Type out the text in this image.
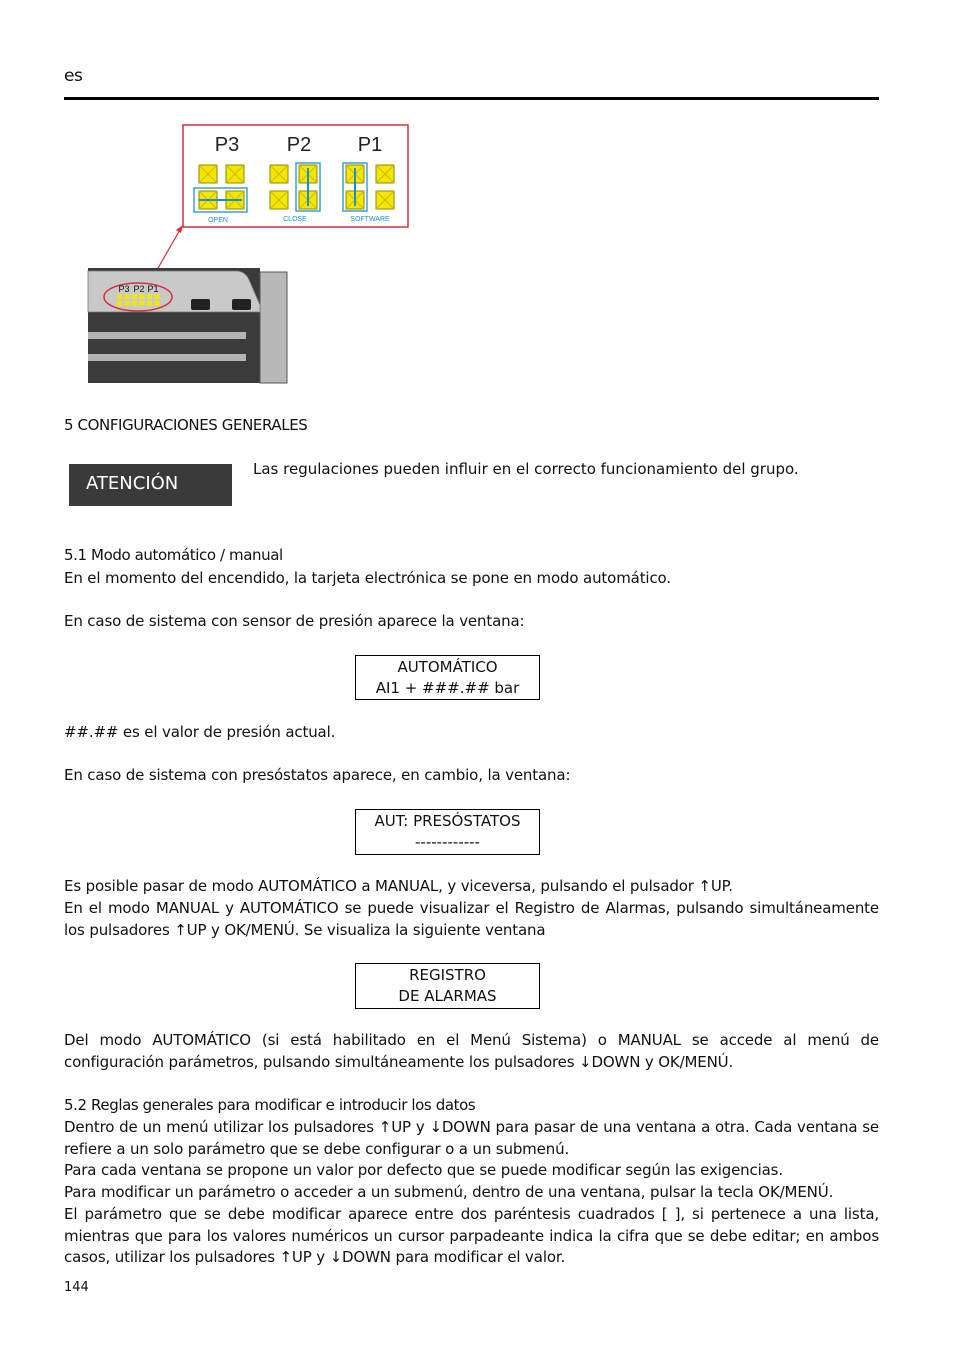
es
P3 P2 P1
OPEN	CLOSE	SOFTWARE
P3 P2 P1
5 CONFIGURACIONES GENERALES
ATENCIÓN
Las regulaciones pueden influir en el correcto funcionamiento del grupo.
5.1 Modo automático / manual
En el momento del encendido, la tarjeta electrónica se pone en modo automático.
En caso de sistema con sensor de presión aparece la ventana:
AUTOMÁTICO
AI1 + ###.## bar
##.## es el valor de presión actual.
En caso de sistema con presóstatos aparece, en cambio, la ventana:
AUT: PRESÓSTATOS
------------
Es posible pasar de modo AUTOMÁTICO a MANUAL, y viceversa, pulsando el pulsador ↑UP.
En el modo MANUAL y AUTOMÁTICO se puede visualizar el Registro de Alarmas, pulsando simultáneamente los pulsadores ↑UP y OK/MENÚ. Se visualiza la siguiente ventana
REGISTRO
DE ALARMAS
Del modo AUTOMÁTICO (si está habilitado en el Menú Sistema) o MANUAL se accede al menú de configuración parámetros, pulsando simultáneamente los pulsadores ↓DOWN y OK/MENÚ.
5.2 Reglas generales para modificar e introducir los datos
Dentro de un menú utilizar los pulsadores ↑UP y ↓DOWN para pasar de una ventana a otra. Cada ventana se refiere a un solo parámetro que se debe configurar o a un submenú.
Para cada ventana se propone un valor por defecto que se puede modificar según las exigencias.
Para modificar un parámetro o acceder a un submenú, dentro de una ventana, pulsar la tecla OK/MENÚ.
El parámetro que se debe modificar aparece entre dos paréntesis cuadrados [ ], si pertenece a una lista, mientras que para los valores numéricos un cursor parpadeante indica la cifra que se debe editar; en ambos casos, utilizar los pulsadores ↑UP y ↓DOWN para modificar el valor.
144
